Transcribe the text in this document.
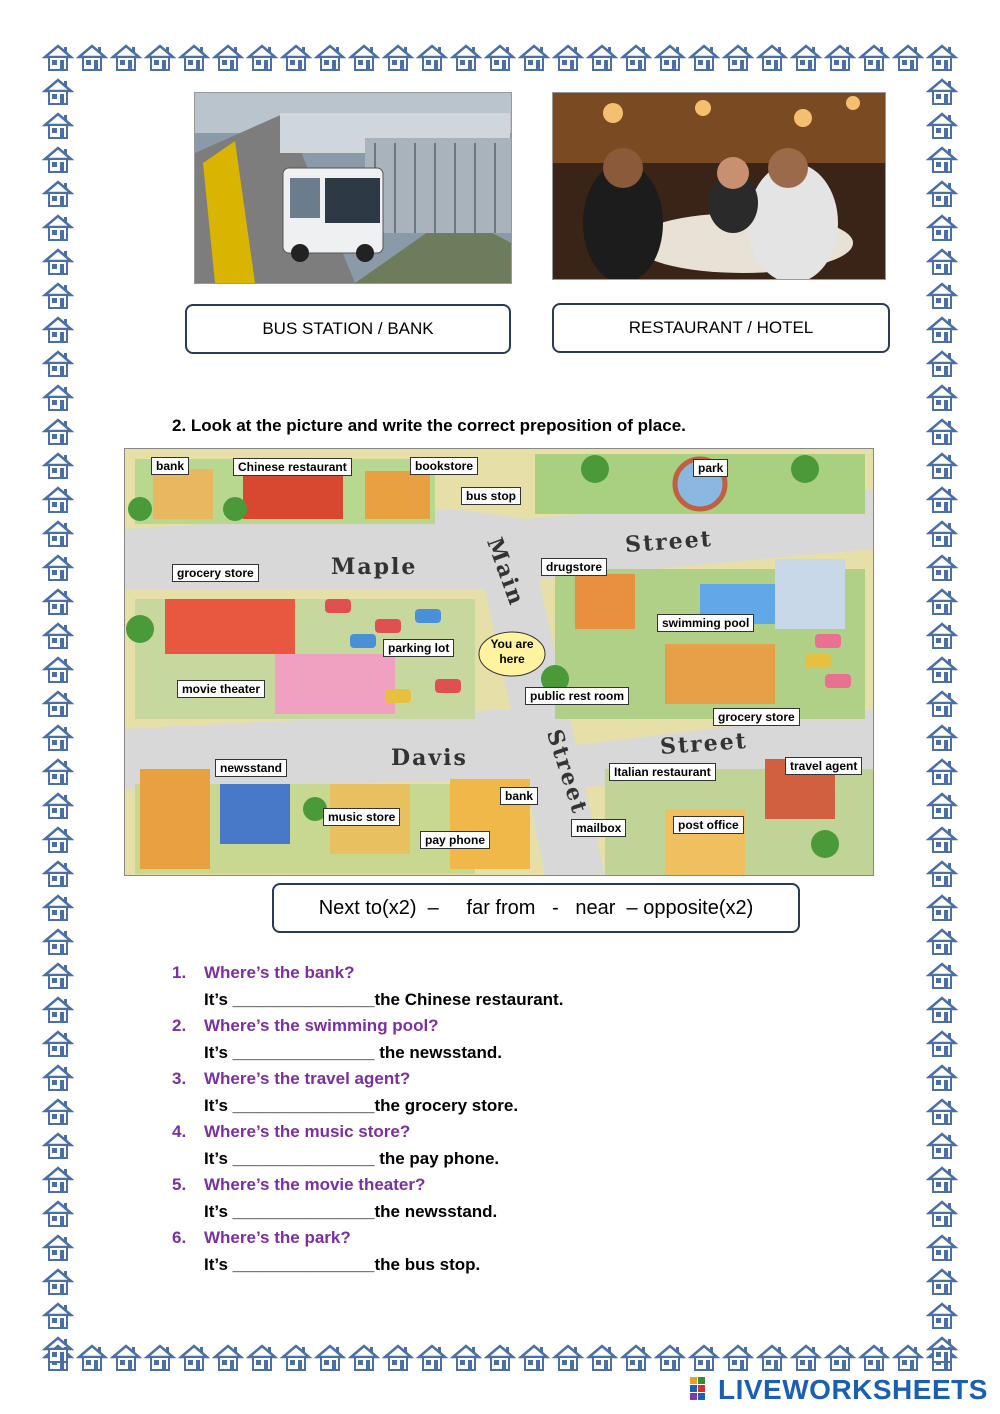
BUS STATION / BANK	RESTAURANT / HOTEL
2. Look at the picture and write the correct preposition of place.
bank	Chinese restaurant	bookstore
bus stop
park
grocery store	drugstore
swimming pool
parking lot	You are
here
movie theater	public rest room
grocery store
newsstand	Italian restaurant	travel agent
music store
bank
pay phone
mailbox	post office
Maple
Street
Main
Street
Davis	Street
Next to(x2)  –     far from   -   near  – opposite(x2)
1. Where’s the bank?
It’s _______________the Chinese restaurant.
2. Where’s the swimming pool?
It’s _______________ the newsstand.
3. Where’s the travel agent?
It’s _______________the grocery store.
4. Where’s the music store?
It’s _______________ the pay phone.
5. Where’s the movie theater?
It’s _______________the newsstand.
6. Where’s the park?
It’s _______________the bus stop.
LIVEWORKSHEETS
